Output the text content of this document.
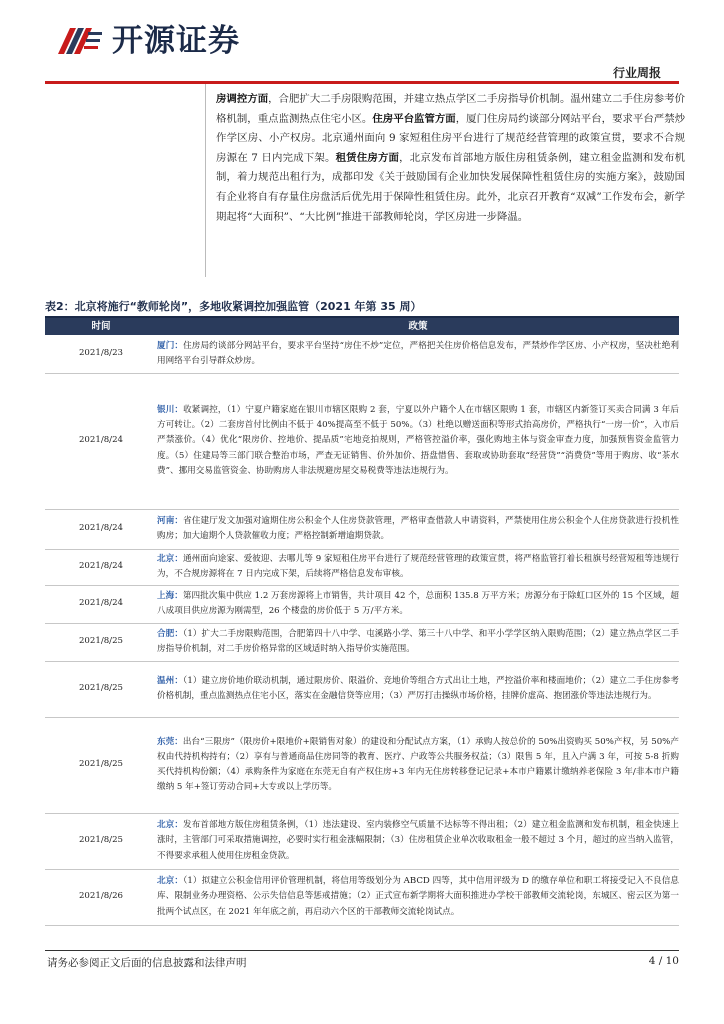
开源证券
行业周报
房调控方面，合肥扩大二手房限购范围，并建立热点学区二手房指导价机制。温州建立二手住房参考价格机制，重点监测热点住宅小区。住房平台监管方面，厦门住房局约谈部分网站平台，要求平台严禁炒作学区房、小产权房。北京通州面向 9 家短租住房平台进行了规范经营管理的政策宣贯，要求不合规房源在 7 日内完成下架。租赁住房方面，北京发布首部地方版住房租赁条例，建立租金监测和发布机制，着力规范出租行为，成都印发《关于鼓励国有企业加快发展保障性租赁住房的实施方案》，鼓励国有企业将自有存量住房盘活后优先用于保障性租赁住房。此外，北京召开教育“双减”工作发布会，新学期起将“大面积”、“大比例”推进干部教师轮岗，学区房进一步降温。
表2：北京将施行“教师轮岗”，多地收紧调控加强监管（2021 年第 35 周）
时间	政策
2021/8/23	厦门：住房局约谈部分网站平台，要求平台坚持“房住不炒”定位，严格把关住房价格信息发布，严禁炒作学区房、小产权房，坚决杜绝利用网络平台引导群众炒房。
2021/8/24	银川：收紧调控，（1）宁夏户籍家庭在银川市辖区限购 2 套，宁夏以外户籍个人在市辖区限购 1 套，市辖区内新签订买卖合同满 3 年后方可转让。（2）二套房首付比例由不低于 40%提高至不低于 50%。（3）杜绝以赠送面积等形式抬高房价，严格执行“一房一价”，入市后严禁涨价。（4）优化“限房价、控地价、提品质”宅地竞拍规则，严格管控溢价率，强化购地主体与资金审查力度，加强预售资金监管力度。（5）住建局等三部门联合整治市场，严查无证销售、价外加价、捂盘惜售、套取或协助套取“经营贷”“消费贷”等用于购房、收“茶水费”、挪用交易监管资金、协助购房人非法规避房屋交易税费等违法违规行为。
2021/8/24	河南：省住建厅发文加强对逾期住房公积金个人住房贷款管理，严格审查借款人申请资料，严禁使用住房公积金个人住房贷款进行投机性购房；加大逾期个人贷款催收力度；严格控制新增逾期贷款。
2021/8/24	北京：通州面向途家、爱彼迎、去哪儿等 9 家短租住房平台进行了规范经营管理的政策宣贯，将严格监管打着长租旗号经营短租等违规行为，不合规房源将在 7 日内完成下架，后续将严格信息发布审核。
2021/8/24	上海：第四批次集中供应 1.2 万套房源将上市销售，共计项目 42 个，总面积 135.8 万平方米；房源分布于除虹口区外的 15 个区域，超八成项目供应房源为刚需型，26 个楼盘的房价低于 5 万/平方米。
2021/8/25	合肥：（1）扩大二手房限购范围，合肥第四十八中学、屯溪路小学、第三十八中学、和平小学学区纳入限购范围；（2）建立热点学区二手房指导价机制，对二手房价格异常的区域适时纳入指导价实施范围。
2021/8/25	温州：（1）建立房价地价联动机制，通过限房价、限溢价、竞地价等组合方式出让土地，严控溢价率和楼面地价；（2）建立二手住房参考价格机制，重点监测热点住宅小区，落实在金融信贷等应用；（3）严厉打击操纵市场价格，挂牌价虚高、抱团涨价等违法违规行为。
2021/8/25	东莞：出台“三限房”（限房价+限地价+限销售对象）的建设和分配试点方案，（1）承购人按总价的 50%出资购买 50%产权，另 50%产权由代持机构持有；（2）享有与普通商品住房同等的教育、医疗、户政等公共服务权益；（3）限售 5 年，且入户满 3 年，可按 5-8 折购买代持机构份额；（4）承购条件为家庭在东莞无自有产权住房+3 年内无住房转移登记记录+本市户籍累计缴纳养老保险 3 年/非本市户籍缴纳 5 年+签订劳动合同+大专或以上学历等。
2021/8/25	北京：发布首部地方版住房租赁条例，（1）违法建设、室内装修空气质量不达标等不得出租；（2）建立租金监测和发布机制，租金快速上涨时，主管部门可采取措施调控，必要时实行租金涨幅限制；（3）住房租赁企业单次收取租金一般不超过 3 个月，超过的应当纳入监管，不得要求承租人使用住房租金贷款。
2021/8/26	北京：（1）拟建立公积金信用评价管理机制，将信用等级划分为 ABCD 四等，其中信用评级为 D 的缴存单位和职工将接受记入不良信息库、限制业务办理资格、公示失信信息等惩戒措施；（2）正式宣布新学期将大面积推进办学校干部教师交流轮岗，东城区、密云区为第一批两个试点区，在 2021 年年底之前，再启动六个区的干部教师交流轮岗试点。
请务必参阅正文后面的信息披露和法律声明	4 / 10
